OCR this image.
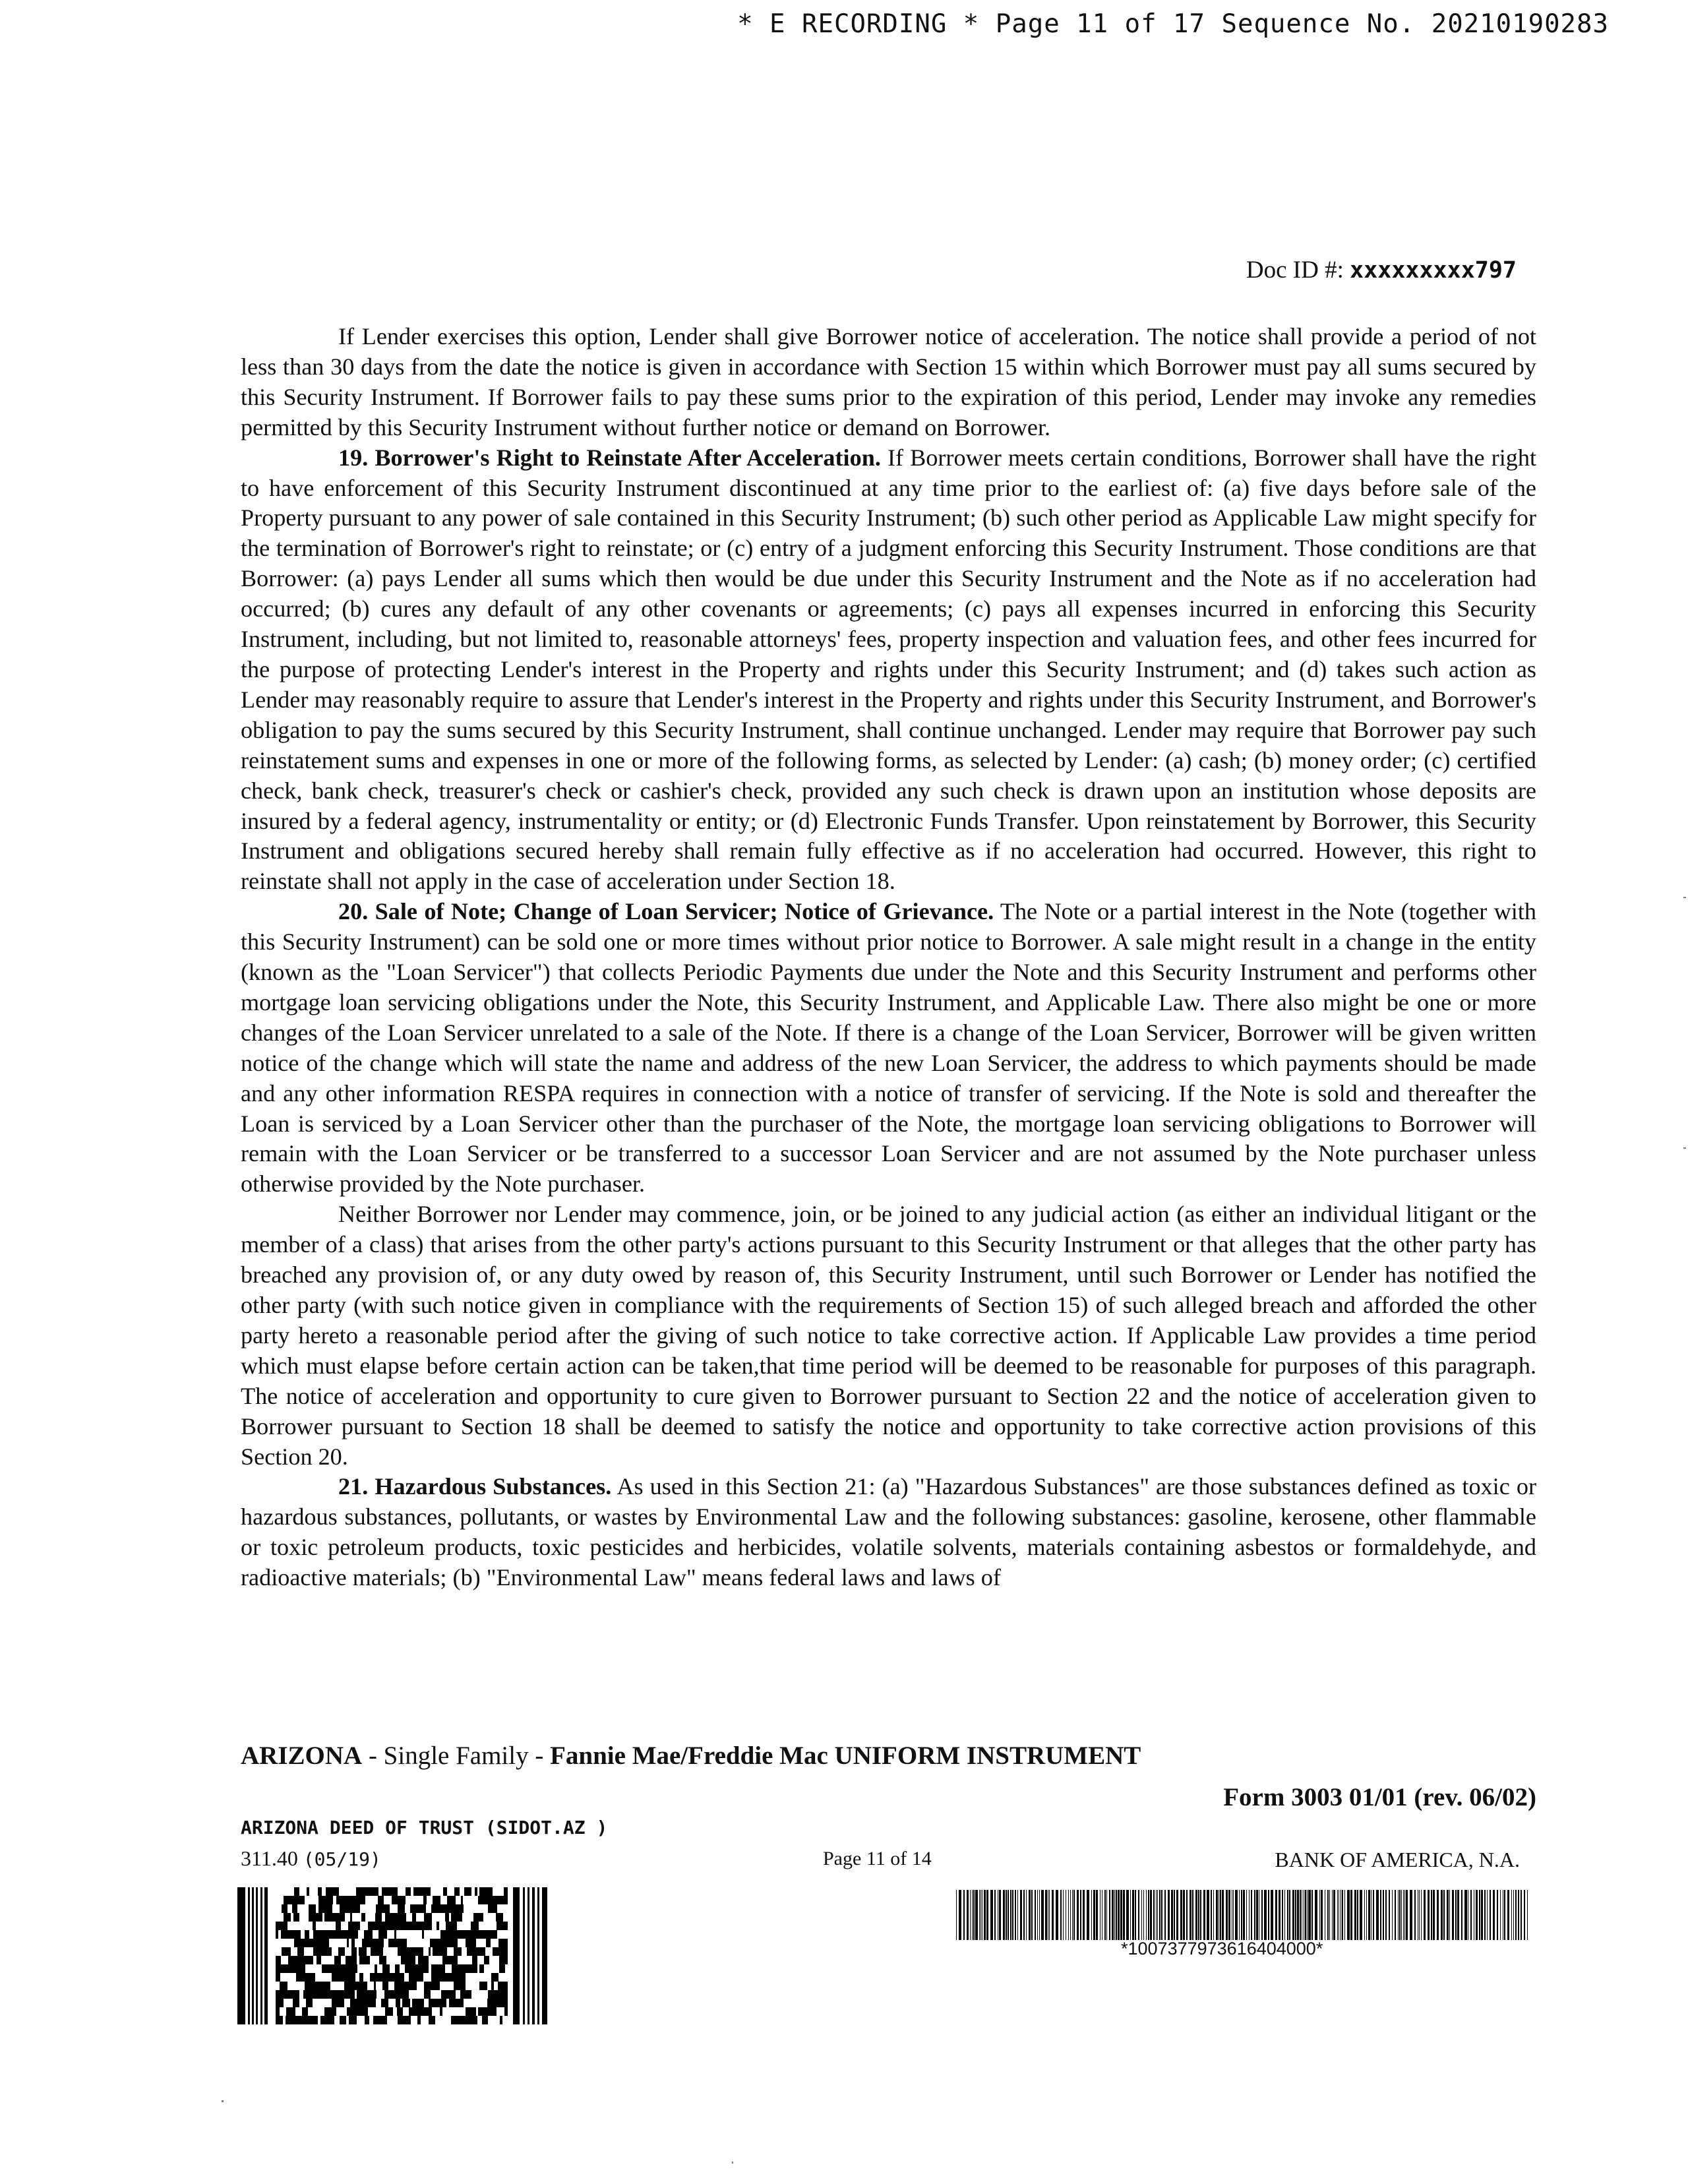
* E RECORDING * Page 11 of 17 Sequence No. 20210190283
Doc ID #: xxxxxxxxx797

If Lender exercises this option, Lender shall give Borrower notice of acceleration. The notice shall provide a period of not less than 30 days from the date the notice is given in accordance with Section 15 within which Borrower must pay all sums secured by this Security Instrument. If Borrower fails to pay these sums prior to the expiration of this period, Lender may invoke any remedies permitted by this Security Instrument without further notice or demand on Borrower.

19. Borrower's Right to Reinstate After Acceleration. If Borrower meets certain conditions, Borrower shall have the right to have enforcement of this Security Instrument discontinued at any time prior to the earliest of: (a) five days before sale of the Property pursuant to any power of sale contained in this Security Instrument; (b) such other period as Applicable Law might specify for the termination of Borrower's right to reinstate; or (c) entry of a judgment enforcing this Security Instrument. Those conditions are that Borrower: (a) pays Lender all sums which then would be due under this Security Instrument and the Note as if no acceleration had occurred; (b) cures any default of any other covenants or agreements; (c) pays all expenses incurred in enforcing this Security Instrument, including, but not limited to, reasonable attorneys' fees, property inspection and valuation fees, and other fees incurred for the purpose of protecting Lender's interest in the Property and rights under this Security Instrument; and (d) takes such action as Lender may reasonably require to assure that Lender's interest in the Property and rights under this Security Instrument, and Borrower's obligation to pay the sums secured by this Security Instrument, shall continue unchanged. Lender may require that Borrower pay such reinstatement sums and expenses in one or more of the following forms, as selected by Lender: (a) cash; (b) money order; (c) certified check, bank check, treasurer's check or cashier's check, provided any such check is drawn upon an institution whose deposits are insured by a federal agency, instrumentality or entity; or (d) Electronic Funds Transfer. Upon reinstatement by Borrower, this Security Instrument and obligations secured hereby shall remain fully effective as if no acceleration had occurred. However, this right to reinstate shall not apply in the case of acceleration under Section 18.

20. Sale of Note; Change of Loan Servicer; Notice of Grievance. The Note or a partial interest in the Note (together with this Security Instrument) can be sold one or more times without prior notice to Borrower. A sale might result in a change in the entity (known as the "Loan Servicer") that collects Periodic Payments due under the Note and this Security Instrument and performs other mortgage loan servicing obligations under the Note, this Security Instrument, and Applicable Law. There also might be one or more changes of the Loan Servicer unrelated to a sale of the Note. If there is a change of the Loan Servicer, Borrower will be given written notice of the change which will state the name and address of the new Loan Servicer, the address to which payments should be made and any other information RESPA requires in connection with a notice of transfer of servicing. If the Note is sold and thereafter the Loan is serviced by a Loan Servicer other than the purchaser of the Note, the mortgage loan servicing obligations to Borrower will remain with the Loan Servicer or be transferred to a successor Loan Servicer and are not assumed by the Note purchaser unless otherwise provided by the Note purchaser.

Neither Borrower nor Lender may commence, join, or be joined to any judicial action (as either an individual litigant or the member of a class) that arises from the other party's actions pursuant to this Security Instrument or that alleges that the other party has breached any provision of, or any duty owed by reason of, this Security Instrument, until such Borrower or Lender has notified the other party (with such notice given in compliance with the requirements of Section 15) of such alleged breach and afforded the other party hereto a reasonable period after the giving of such notice to take corrective action. If Applicable Law provides a time period which must elapse before certain action can be taken,that time period will be deemed to be reasonable for purposes of this paragraph. The notice of acceleration and opportunity to cure given to Borrower pursuant to Section 22 and the notice of acceleration given to Borrower pursuant to Section 18 shall be deemed to satisfy the notice and opportunity to take corrective action provisions of this Section 20.

21. Hazardous Substances. As used in this Section 21: (a) "Hazardous Substances" are those substances defined as toxic or hazardous substances, pollutants, or wastes by Environmental Law and the following substances: gasoline, kerosene, other flammable or toxic petroleum products, toxic pesticides and herbicides, volatile solvents, materials containing asbestos or formaldehyde, and radioactive materials; (b) "Environmental Law" means federal laws and laws of

ARIZONA - Single Family - Fannie Mae/Freddie Mac UNIFORM INSTRUMENT
Form 3003 01/01 (rev. 06/02)
ARIZONA DEED OF TRUST (SIDOT.AZ )
311.40 (05/19)	Page 11 of 14	BANK OF AMERICA, N.A.
*1007377973616404000*
